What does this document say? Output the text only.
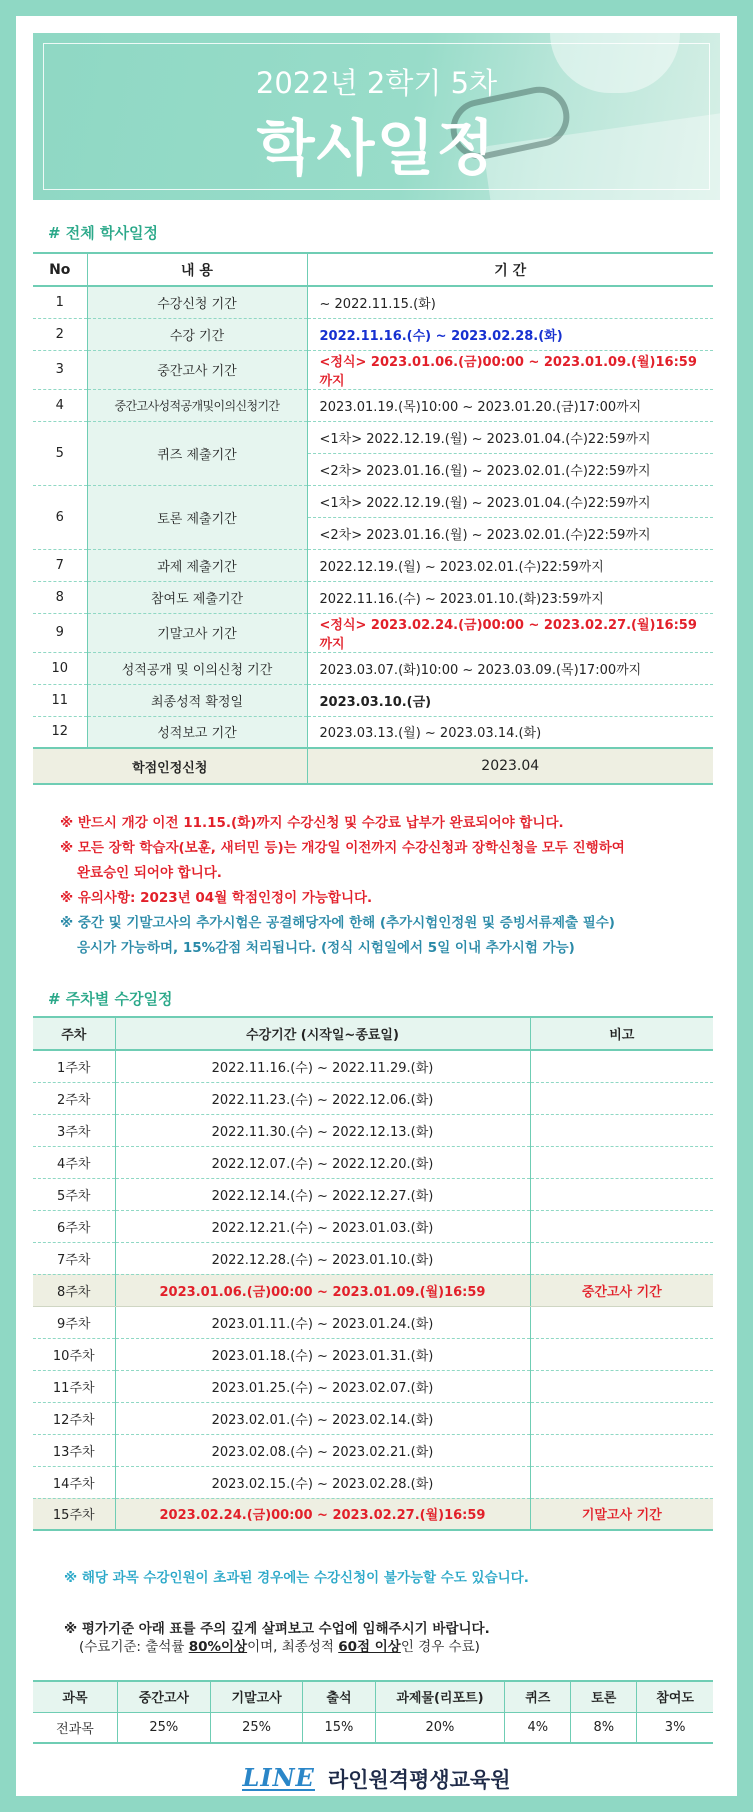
2022년 2학기 5차
학사일정
# 전체 학사일정
No	내 용	기 간
1	수강신청 기간	~ 2022.11.15.(화)
2	수강 기간	2022.11.16.(수) ~ 2023.02.28.(화)
3	중간고사 기간	<정식> 2023.01.06.(금)00:00 ~ 2023.01.09.(월)16:59까지
4	중간고사성적공개및이의신청기간	2023.01.19.(목)10:00 ~ 2023.01.20.(금)17:00까지
5	퀴즈 제출기간	<1차> 2022.12.19.(월) ~ 2023.01.04.(수)22:59까지
		<2차> 2023.01.16.(월) ~ 2023.02.01.(수)22:59까지
6	토론 제출기간	<1차> 2022.12.19.(월) ~ 2023.01.04.(수)22:59까지
		<2차> 2023.01.16.(월) ~ 2023.02.01.(수)22:59까지
7	과제 제출기간	2022.12.19.(월) ~ 2023.02.01.(수)22:59까지
8	참여도 제출기간	2022.11.16.(수) ~ 2023.01.10.(화)23:59까지
9	기말고사 기간	<정식> 2023.02.24.(금)00:00 ~ 2023.02.27.(월)16:59까지
10	성적공개 및 이의신청 기간	2023.03.07.(화)10:00 ~ 2023.03.09.(목)17:00까지
11	최종성적 확정일	2023.03.10.(금)
12	성적보고 기간	2023.03.13.(월) ~ 2023.03.14.(화)
학점인정신청		2023.04
※ 반드시 개강 이전 11.15.(화)까지 수강신청 및 수강료 납부가 완료되어야 합니다.
※ 모든 장학 학습자(보훈, 새터민 등)는 개강일 이전까지 수강신청과 장학신청을 모두 진행하여
완료승인 되어야 합니다.
※ 유의사항: 2023년 04월 학점인정이 가능합니다.
※ 중간 및 기말고사의 추가시험은 공결해당자에 한해 (추가시험인정원 및 증빙서류제출 필수)
응시가 가능하며, 15%감점 처리됩니다. (정식 시험일에서 5일 이내 추가시험 가능)
# 주차별 수강일정
주차	수강기간 (시작일~종료일)	비고
1주차	2022.11.16.(수) ~ 2022.11.29.(화)	
2주차	2022.11.23.(수) ~ 2022.12.06.(화)	
3주차	2022.11.30.(수) ~ 2022.12.13.(화)	
4주차	2022.12.07.(수) ~ 2022.12.20.(화)	
5주차	2022.12.14.(수) ~ 2022.12.27.(화)	
6주차	2022.12.21.(수) ~ 2023.01.03.(화)	
7주차	2022.12.28.(수) ~ 2023.01.10.(화)	
8주차	2023.01.06.(금)00:00 ~ 2023.01.09.(월)16:59	중간고사 기간
9주차	2023.01.11.(수) ~ 2023.01.24.(화)	
10주차	2023.01.18.(수) ~ 2023.01.31.(화)	
11주차	2023.01.25.(수) ~ 2023.02.07.(화)	
12주차	2023.02.01.(수) ~ 2023.02.14.(화)	
13주차	2023.02.08.(수) ~ 2023.02.21.(화)	
14주차	2023.02.15.(수) ~ 2023.02.28.(화)	
15주차	2023.02.24.(금)00:00 ~ 2023.02.27.(월)16:59	기말고사 기간
※ 해당 과목 수강인원이 초과된 경우에는 수강신청이 불가능할 수도 있습니다.
※ 평가기준 아래 표를 주의 깊게 살펴보고 수업에 임해주시기 바랍니다.
(수료기준: 출석률 80%이상이며, 최종성적 60점 이상인 경우 수료)
과목	중간고사	기말고사	출석	과제물(리포트)	퀴즈	토론	참여도
전과목	25%	25%	15%	20%	4%	8%	3%
LINE 라인원격평생교육원
